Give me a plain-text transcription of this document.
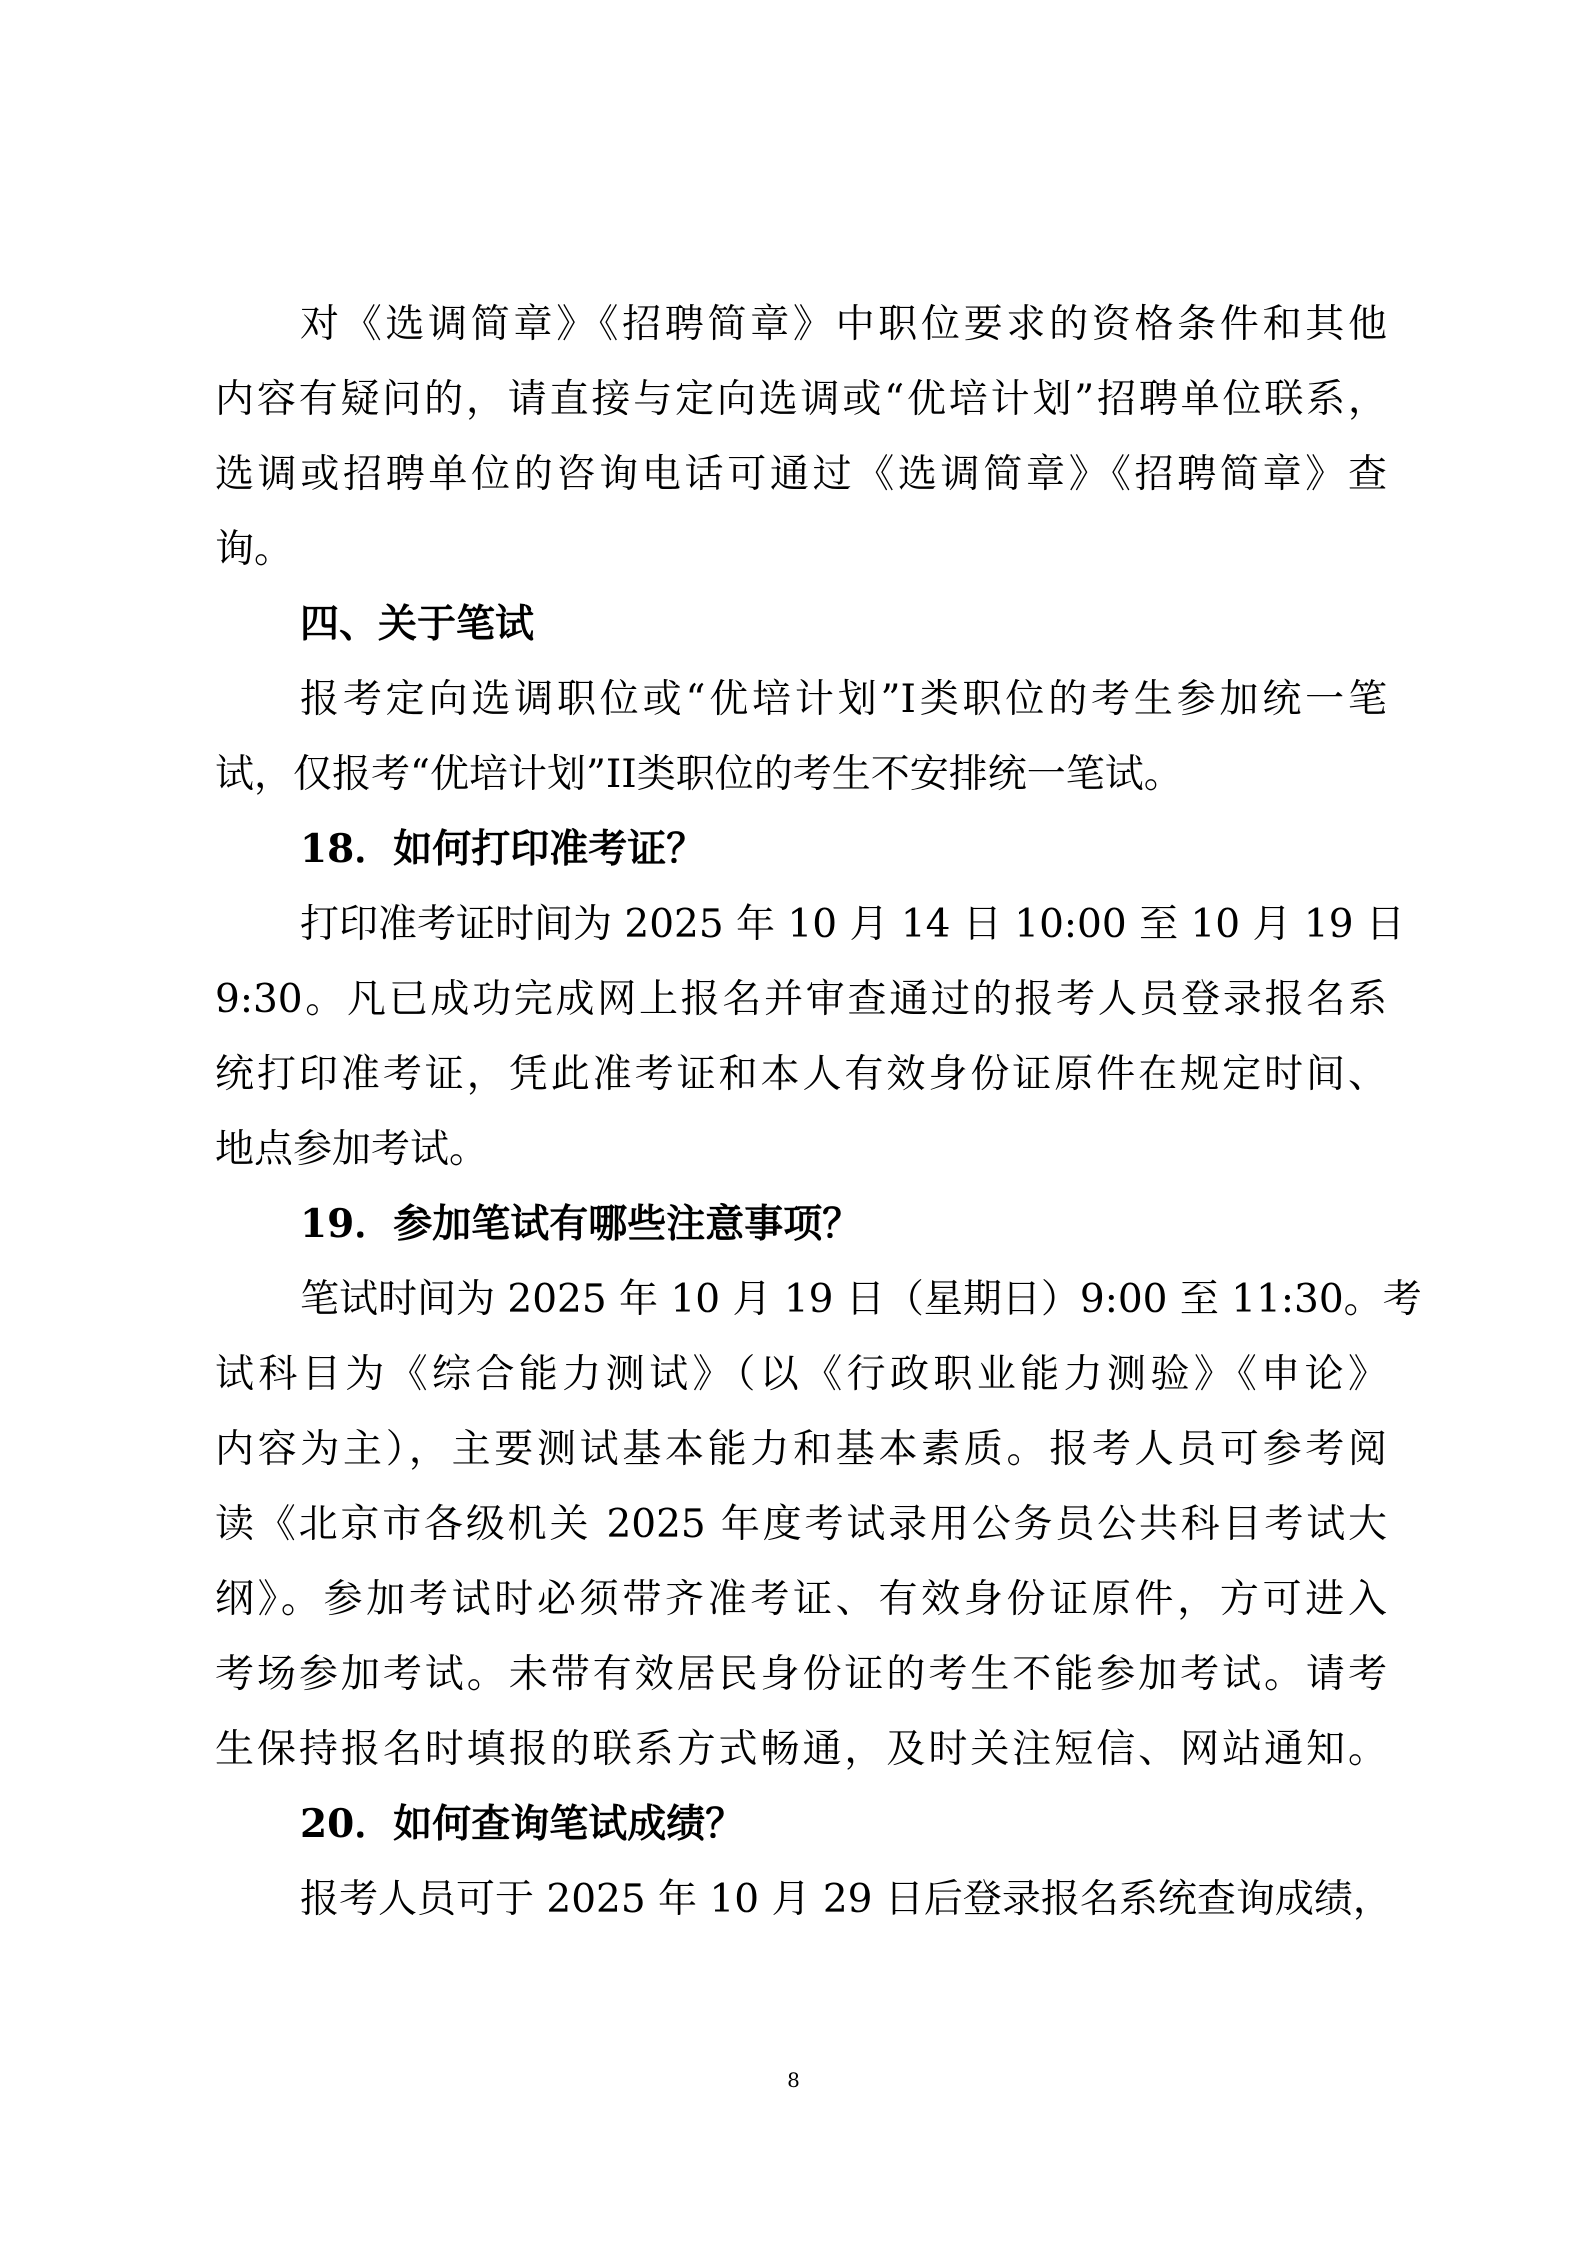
对《选调简章》《招聘简章》中职位要求的资格条件和其他
内容有疑问的，请直接与定向选调或“优培计划”招聘单位联系，
选调或招聘单位的咨询电话可通过《选调简章》《招聘简章》查
询。
四、关于笔试
报考定向选调职位或“优培计划”I类职位的考生参加统一笔
试，仅报考“优培计划”II类职位的考生不安排统一笔试。
18．如何打印准考证？
打印准考证时间为 2025 年 10 月 14 日 10:00 至 10 月 19 日
9:30。凡已成功完成网上报名并审查通过的报考人员登录报名系
统打印准考证，凭此准考证和本人有效身份证原件在规定时间、
地点参加考试。
19．参加笔试有哪些注意事项？
笔试时间为 2025 年 10 月 19 日（星期日）9:00 至 11:30。考
试科目为《综合能力测试》（以《行政职业能力测验》《申论》
内容为主），主要测试基本能力和基本素质。报考人员可参考阅
读《北京市各级机关 2025 年度考试录用公务员公共科目考试大
纲》。参加考试时必须带齐准考证、有效身份证原件，方可进入
考场参加考试。未带有效居民身份证的考生不能参加考试。请考
生保持报名时填报的联系方式畅通，及时关注短信、网站通知。
20．如何查询笔试成绩？
报考人员可于 2025 年 10 月 29 日后登录报名系统查询成绩，
8
